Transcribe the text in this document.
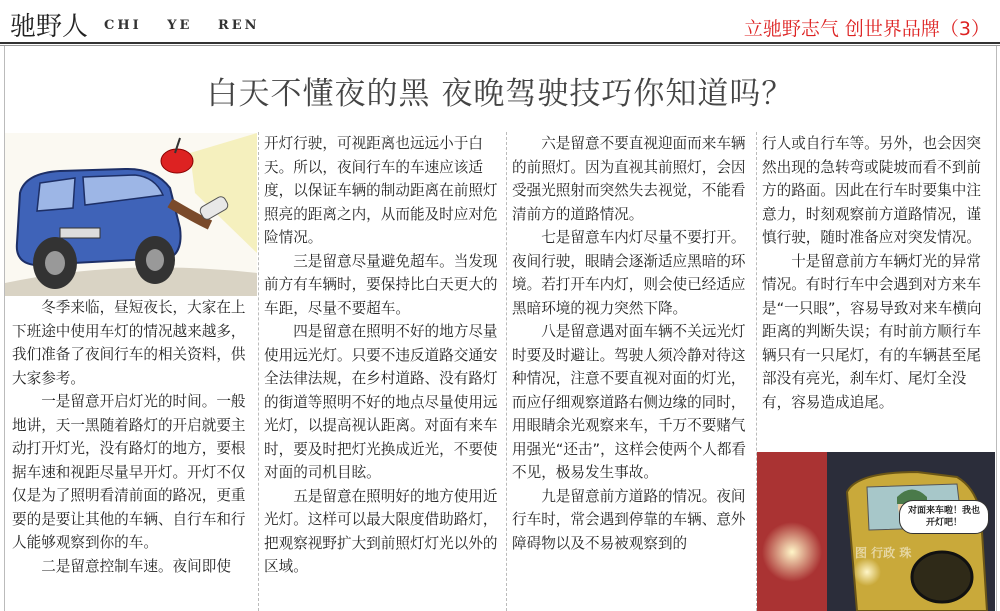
驰野人 CHI YE REN	立驰野志气 创世界品牌（3）
白天不懂夜的黑 夜晚驾驶技巧你知道吗？

冬季来临，昼短夜长，大家在上下班途中使用车灯的情况越来越多，我们准备了夜间行车的相关资料，供大家参考。

一是留意开启灯光的时间。一般地讲，天一黑随着路灯的开启就要主动打开灯光，没有路灯的地方，要根据车速和视距尽量早开灯。开灯不仅仅是为了照明看清前面的路况，更重要的是要让其他的车辆、自行车和行人能够观察到你的车。

二是留意控制车速。夜间即使

开灯行驶，可视距离也远远小于白天。所以，夜间行车的车速应该适度，以保证车辆的制动距离在前照灯照亮的距离之内，从而能及时应对危险情况。

三是留意尽量避免超车。当发现前方有车辆时，要保持比白天更大的车距，尽量不要超车。

四是留意在照明不好的地方尽量使用远光灯。只要不违反道路交通安全法律法规，在乡村道路、没有路灯的街道等照明不好的地点尽量使用远光灯，以提高视认距离。对面有来车时，要及时把灯光换成近光，不要使对面的司机目眩。

五是留意在照明好的地方使用近光灯。这样可以最大限度借助路灯，把观察视野扩大到前照灯灯光以外的区域。

六是留意不要直视迎面而来车辆的前照灯。因为直视其前照灯，会因受强光照射而突然失去视觉，不能看清前方的道路情况。

七是留意车内灯尽量不要打开。夜间行驶，眼睛会逐渐适应黑暗的环境。若打开车内灯，则会使已经适应黑暗环境的视力突然下降。

八是留意遇对面车辆不关远光灯时要及时避让。驾驶人须冷静对待这种情况，注意不要直视对面的灯光，而应仔细观察道路右侧边缘的同时，用眼睛余光观察来车，千万不要赌气用强光“还击”，这样会使两个人都看不见，极易发生事故。

九是留意前方道路的情况。夜间行车时，常会遇到停靠的车辆、意外障碍物以及不易被观察到的

行人或自行车等。另外，也会因突然出现的急转弯或陡坡而看不到前方的路面。因此在行车时要集中注意力，时刻观察前方道路情况，谨慎行驶，随时准备应对突发情况。

十是留意前方车辆灯光的异常情况。有时行车中会遇到对方来车是“一只眼”，容易导致对来车横向距离的判断失误；有时前方顺行车辆只有一只尾灯，有的车辆甚至尾部没有亮光，刹车灯、尾灯全没有，容易造成追尾。

对面来车啦！我也开灯吧！
图 行政 珠
